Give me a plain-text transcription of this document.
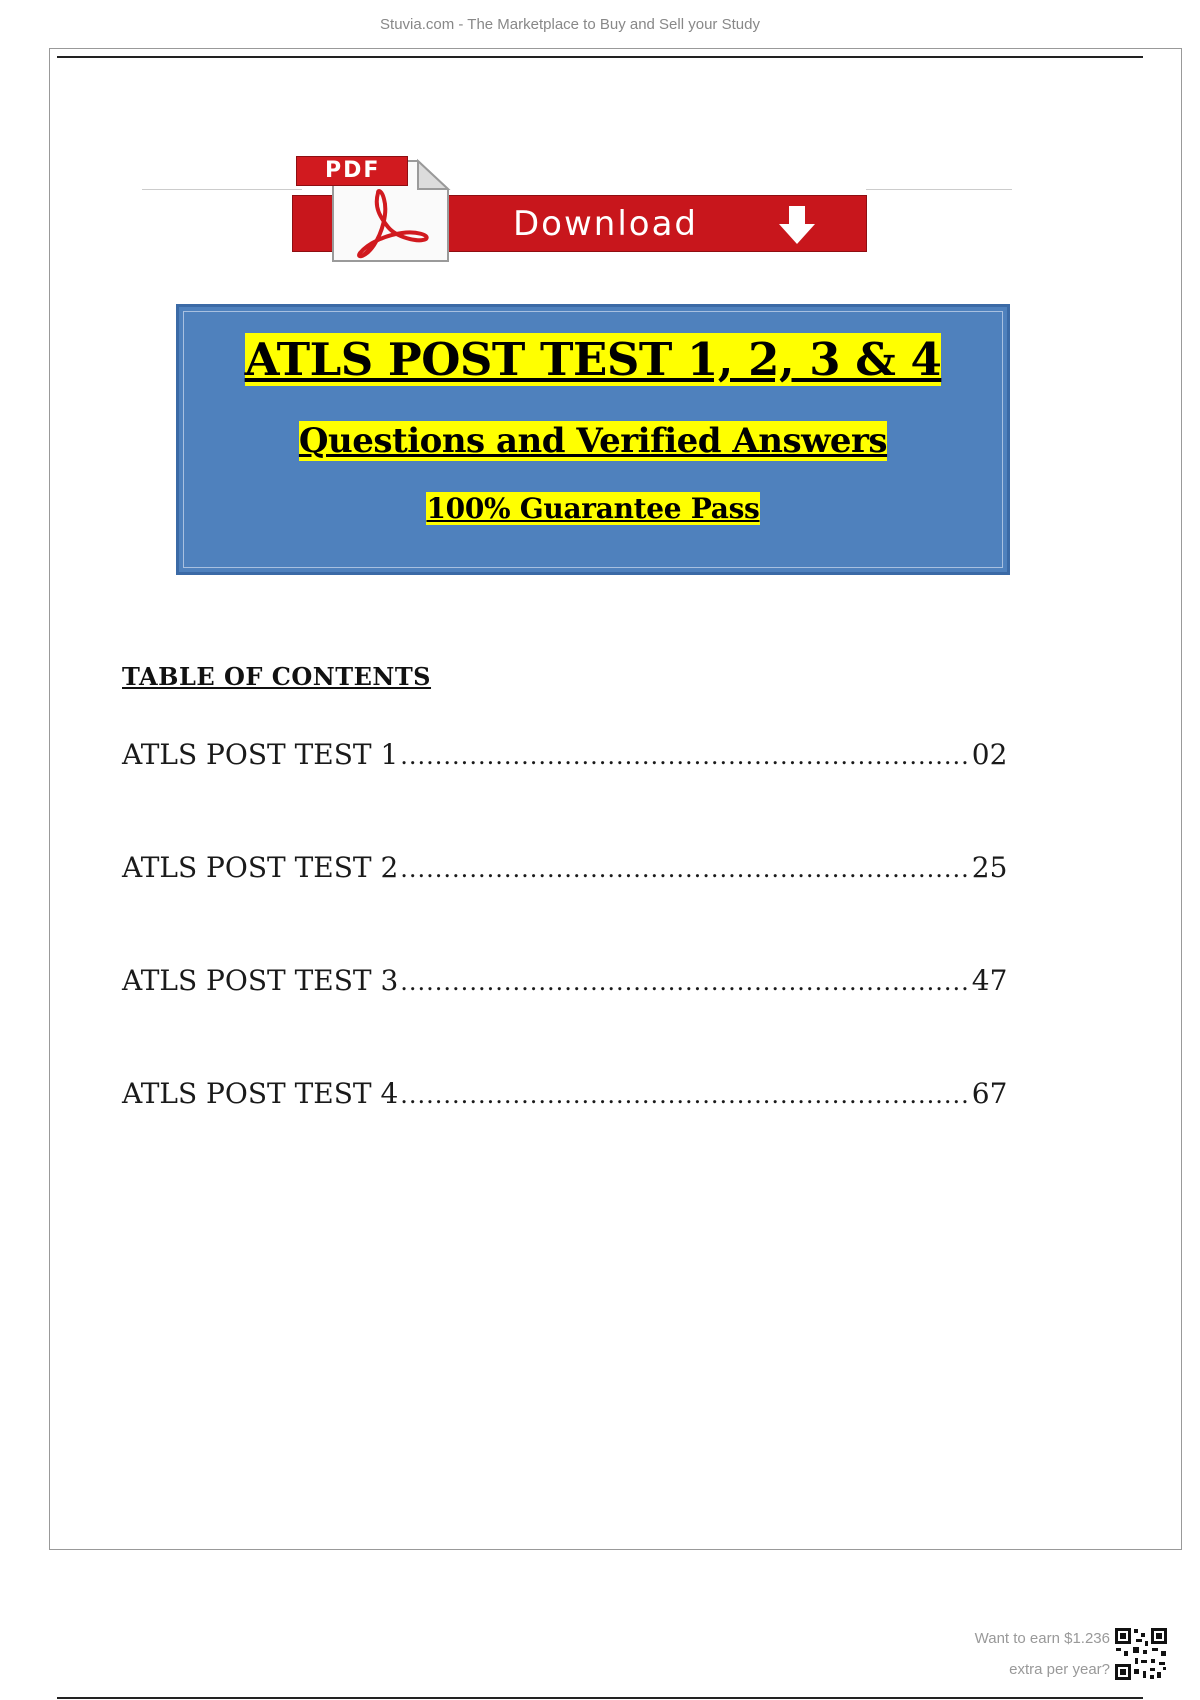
Stuvia.com - The Marketplace to Buy and Sell your Study
Download
PDF
ATLS POST TEST 1, 2, 3 & 4
Questions and Verified Answers
100% Guarantee Pass
TABLE OF CONTENTS
ATLS POST TEST 1 .................................................................. 02
ATLS POST TEST 2 .................................................................. 25
ATLS POST TEST 3 .................................................................. 47
ATLS POST TEST 4 .................................................................. 67
Want to earn $1.236
extra per year?
